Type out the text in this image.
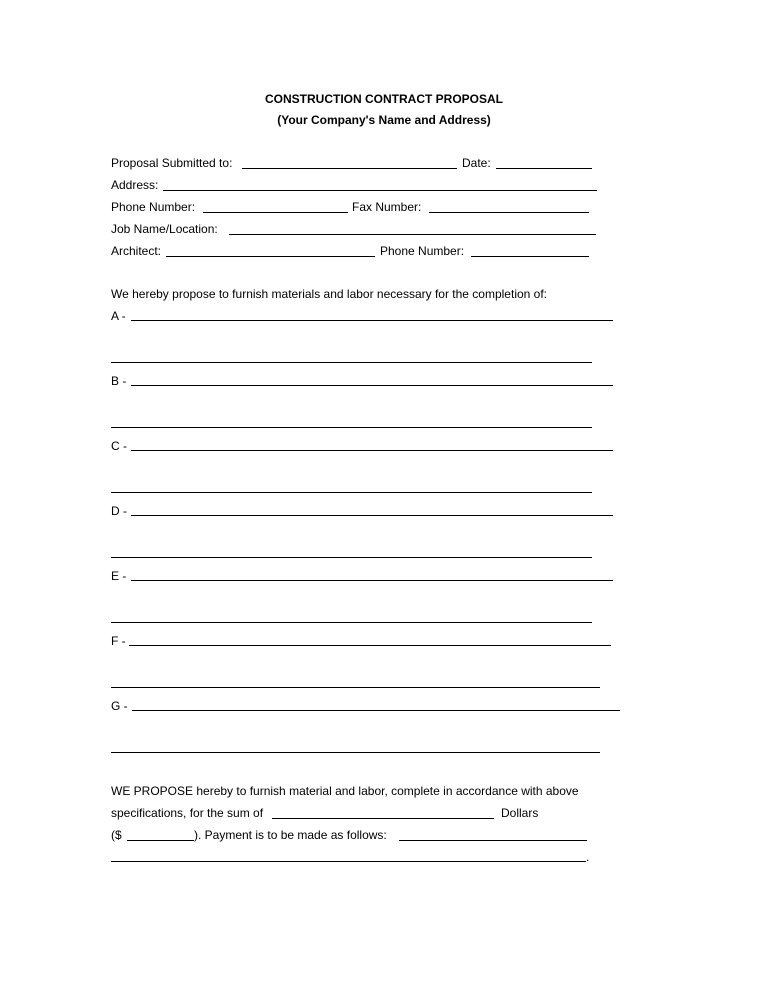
CONSTRUCTION CONTRACT PROPOSAL
(Your Company's Name and Address)
Proposal Submitted to:	Date:
Address:
Phone Number:	Fax Number:
Job Name/Location:
Architect:	Phone Number:
We hereby propose to furnish materials and labor necessary for the completion of:
A -
B -
C -
D -
E -
F -
G -
WE PROPOSE hereby to furnish material and labor, complete in accordance with above
specifications, for the sum of	Dollars
($	). Payment is to be made as follows:
.
